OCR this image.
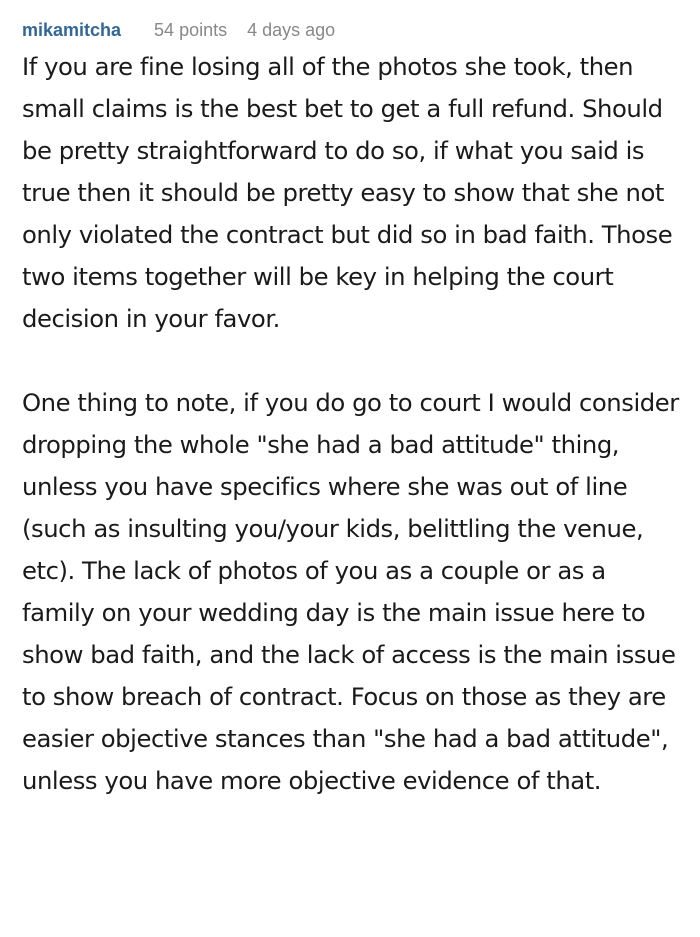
mikamitcha 54 points 4 days ago

If you are fine losing all of the photos she took, then small claims is the best bet to get a full refund. Should be pretty straightforward to do so, if what you said is true then it should be pretty easy to show that she not only violated the contract but did so in bad faith. Those two items together will be key in helping the court decision in your favor.

One thing to note, if you do go to court I would consider dropping the whole "she had a bad attitude" thing, unless you have specifics where she was out of line (such as insulting you/your kids, belittling the venue, etc). The lack of photos of you as a couple or as a family on your wedding day is the main issue here to show bad faith, and the lack of access is the main issue to show breach of contract. Focus on those as they are easier objective stances than "she had a bad attitude", unless you have more objective evidence of that.
